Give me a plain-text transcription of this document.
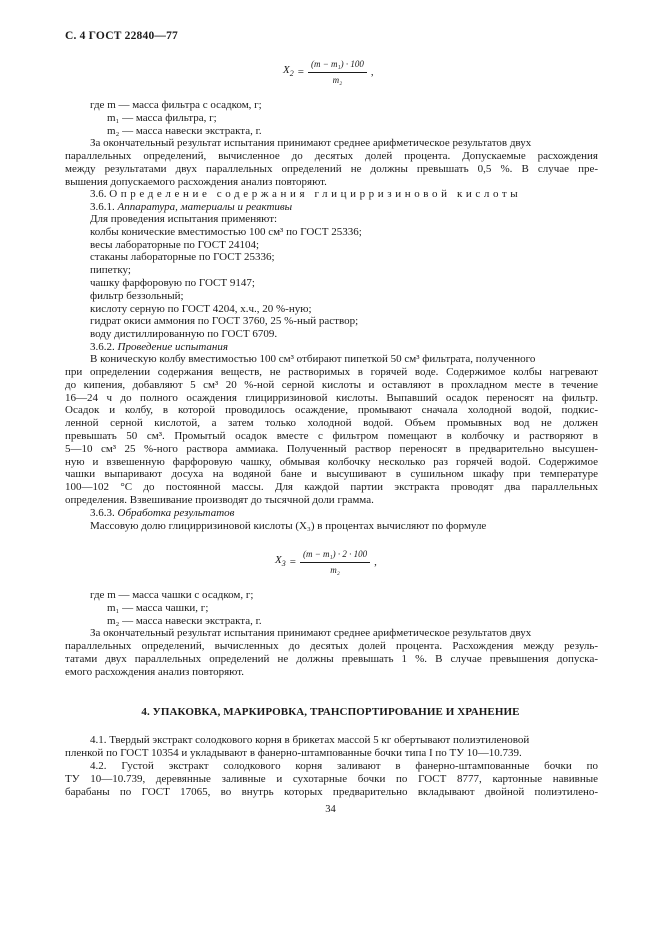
С. 4 ГОСТ 22840—77
$X_2 = \frac{\text{(m − m₁) · 100}}{\text{m₂}}$ ,
где m — масса фильтра с осадком, г;
m₁ — масса фильтра, г;
m₂ — масса навески экстракта, г.
За окончательный результат испытания принимают среднее арифметическое результатов двух
параллельных определений, вычисленное до десятых долей процента. Допускаемые расхождения
между результатами двух параллельных определений не должны превышать 0,5 %. В случае пре-
вышения допускаемого расхождения анализ повторяют.
3.6. Определение содержания глицирризиновой кислоты
3.6.1. Аппаратура, материалы и реактивы
Для проведения испытания применяют:
колбы конические вместимостью 100 см³ по ГОСТ 25336;
весы лабораторные по ГОСТ 24104;
стаканы лабораторные по ГОСТ 25336;
пипетку;
чашку фарфоровую по ГОСТ 9147;
фильтр беззольный;
кислоту серную по ГОСТ 4204, х.ч., 20 %-ную;
гидрат окиси аммония по ГОСТ 3760, 25 %-ный раствор;
воду дистиллированную по ГОСТ 6709.
3.6.2. Проведение испытания
В коническую колбу вместимостью 100 см³ отбирают пипеткой 50 см³ фильтрата, полученного
при определении содержания веществ, не растворимых в горячей воде. Содержимое колбы нагревают
до кипения, добавляют 5 см³ 20 %-ной серной кислоты и оставляют в прохладном месте в течение
16—24 ч до полного осаждения глицирризиновой кислоты. Выпавший осадок переносят на фильтр.
Осадок и колбу, в которой проводилось осаждение, промывают сначала холодной водой, подкис-
ленной серной кислотой, а затем только холодной водой. Объем промывных вод не должен
превышать 50 см³. Промытый осадок вместе с фильтром помещают в колбочку и растворяют в
5—10 см³ 25 %-ного раствора аммиака. Полученный раствор переносят в предварительно высушен-
ную и взвешенную фарфоровую чашку, обмывая колбочку несколько раз горячей водой. Содержимое
чашки выпаривают досуха на водяной бане и высушивают в сушильном шкафу при температуре
100—102 °С до постоянной массы. Для каждой партии экстракта проводят два параллельных
определения. Взвешивание производят до тысячной доли грамма.
3.6.3. Обработка результатов
Массовую долю глицирризиновой кислоты (X₃) в процентах вычисляют по формуле
$X_3 = \frac{\text{(m − m₁) · 2 · 100}}{\text{m₂}}$ ,
где m — масса чашки с осадком, г;
m₁ — масса чашки, г;
m₂ — масса навески экстракта, г.
За окончательный результат испытания принимают среднее арифметическое результатов двух
параллельных определений, вычисленных до десятых долей процента. Расхождения между резуль-
татами двух параллельных определений не должны превышать 1 %. В случае превышения допуска-
емого расхождения анализ повторяют.
4. УПАКОВКА, МАРКИРОВКА, ТРАНСПОРТИРОВАНИЕ И ХРАНЕНИЕ
4.1. Твердый экстракт солодкового корня в брикетах массой 5 кг обертывают полиэтиленовой
пленкой по ГОСТ 10354 и укладывают в фанерно-штампованные бочки типа I по ТУ 10—10.739.
4.2. Густой экстракт солодкового корня заливают в фанерно-штампованные бочки по
ТУ 10—10.739, деревянные заливные и сухотарные бочки по ГОСТ 8777, картонные навивные
барабаны по ГОСТ 17065, во внутрь которых предварительно вкладывают двойной полиэтилено-
34
